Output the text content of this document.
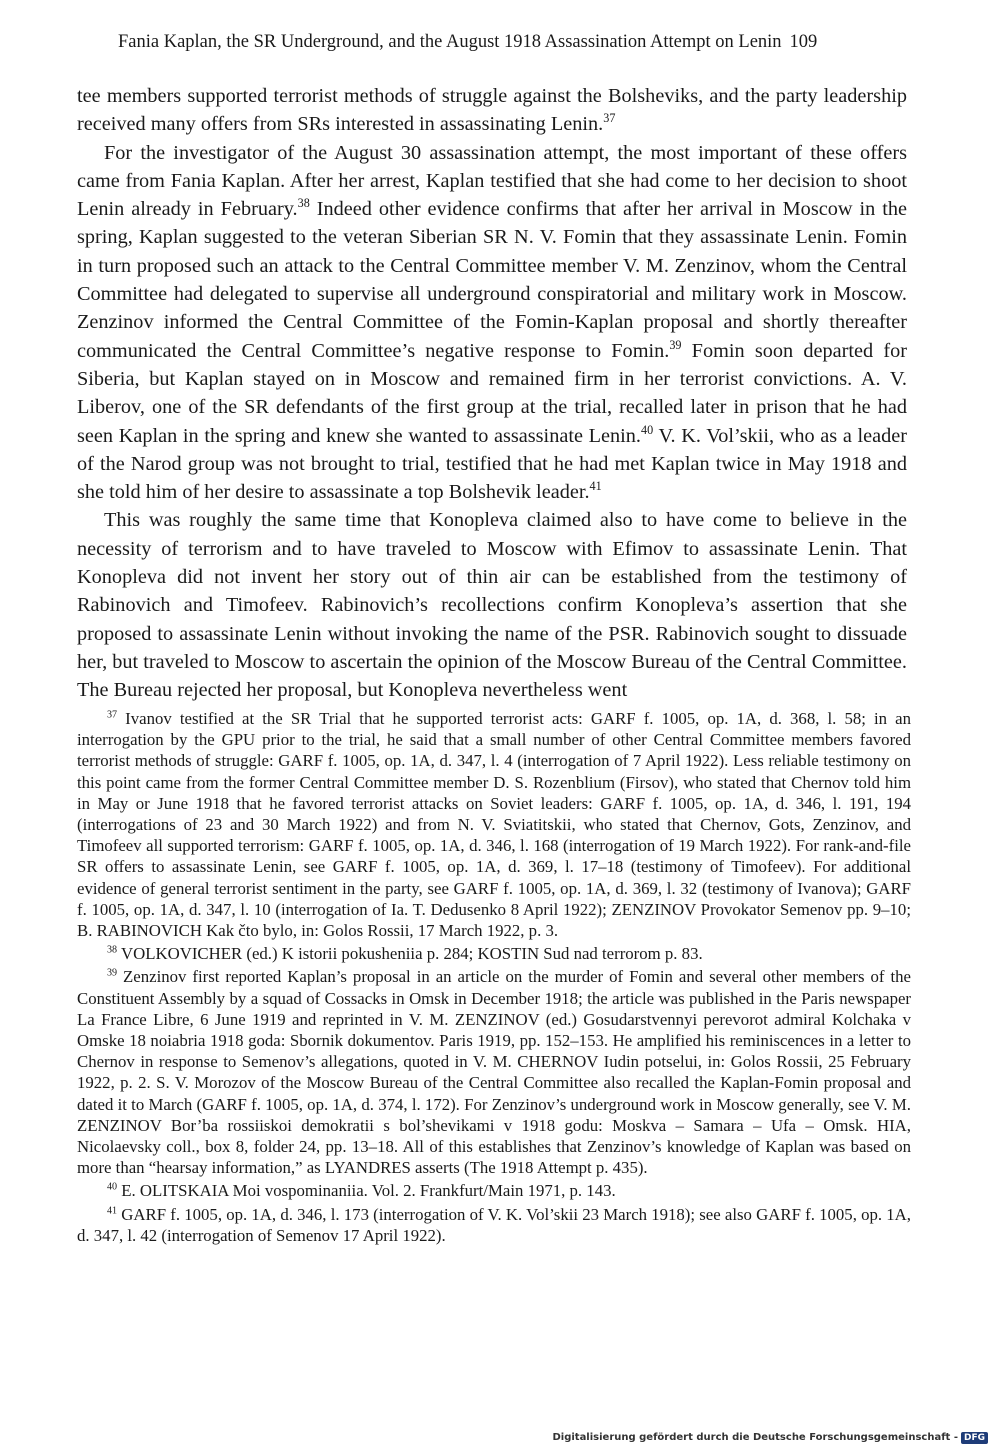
Fania Kaplan, the SR Underground, and the August 1918 Assassination Attempt on Lenin 109

tee members supported terrorist methods of struggle against the Bolsheviks, and the party leadership received many offers from SRs interested in assassinating Lenin.$^{37}$

For the investigator of the August 30 assassination attempt, the most important of these offers came from Fania Kaplan. After her arrest, Kaplan testified that she had come to her decision to shoot Lenin already in February.$^{38}$ Indeed other evidence confirms that after her arrival in Moscow in the spring, Kaplan suggested to the veteran Siberian SR N. V. Fomin that they assassinate Lenin. Fomin in turn proposed such an attack to the Central Committee member V. M. Zenzinov, whom the Central Committee had delegated to supervise all underground conspiratorial and military work in Moscow. Zenzinov informed the Central Committee of the Fomin-Kaplan proposal and shortly thereafter communicated the Central Committee’s negative response to Fomin.$^{39}$ Fomin soon departed for Siberia, but Kaplan stayed on in Moscow and remained firm in her terrorist convictions. A. V. Liberov, one of the SR defendants of the first group at the trial, recalled later in prison that he had seen Kaplan in the spring and knew she wanted to assassinate Lenin.$^{40}$ V. K. Vol’skii, who as a leader of the Narod group was not brought to trial, testified that he had met Kaplan twice in May 1918 and she told him of her desire to assassinate a top Bolshevik leader.$^{41}$

This was roughly the same time that Konopleva claimed also to have come to believe in the necessity of terrorism and to have traveled to Moscow with Efimov to assassinate Lenin. That Konopleva did not invent her story out of thin air can be established from the testimony of Rabinovich and Timofeev. Rabinovich’s recollections confirm Konopleva’s assertion that she proposed to assassinate Lenin without invoking the name of the PSR. Rabinovich sought to dissuade her, but traveled to Moscow to ascertain the opinion of the Moscow Bureau of the Central Committee. The Bureau rejected her proposal, but Konopleva nevertheless went

$^{37}$ Ivanov testified at the SR Trial that he supported terrorist acts: GARF f. 1005, op. 1A, d. 368, l. 58; in an interrogation by the GPU prior to the trial, he said that a small number of other Central Committee members favored terrorist methods of struggle: GARF f. 1005, op. 1A, d. 347, l. 4 (interrogation of 7 April 1922). Less reliable testimony on this point came from the former Central Committee member D. S. Rozenblium (Firsov), who stated that Chernov told him in May or June 1918 that he favored terrorist attacks on Soviet leaders: GARF f. 1005, op. 1A, d. 346, l. 191, 194 (interrogations of 23 and 30 March 1922) and from N. V. Sviatitskii, who stated that Chernov, Gots, Zenzinov, and Timofeev all supported terrorism: GARF f. 1005, op. 1A, d. 346, l. 168 (interrogation of 19 March 1922). For rank-and-file SR offers to assassinate Lenin, see GARF f. 1005, op. 1A, d. 369, l. 17–18 (testimony of Timofeev). For additional evidence of general terrorist sentiment in the party, see GARF f. 1005, op. 1A, d. 369, l. 32 (testimony of Ivanova); GARF f. 1005, op. 1A, d. 347, l. 10 (interrogation of Ia. T. Dedusenko 8 April 1922); ZENZINOV Provokator Semenov pp. 9–10; B. RABINOVICH Kak čto bylo, in: Golos Rossii, 17 March 1922, p. 3.

$^{38}$ VOLKOVICHER (ed.) K istorii pokusheniia p. 284; KOSTIN Sud nad terrorom p. 83.

$^{39}$ Zenzinov first reported Kaplan’s proposal in an article on the murder of Fomin and several other members of the Constituent Assembly by a squad of Cossacks in Omsk in December 1918; the article was published in the Paris newspaper La France Libre, 6 June 1919 and reprinted in V. M. ZENZINOV (ed.) Gosudarstvennyi perevorot admiral Kolchaka v Omske 18 noiabria 1918 goda: Sbornik dokumentov. Paris 1919, pp. 152–153. He amplified his reminiscences in a letter to Chernov in response to Semenov’s allegations, quoted in V. M. CHERNOV Iudin potselui, in: Golos Rossii, 25 February 1922, p. 2. S. V. Morozov of the Moscow Bureau of the Central Committee also recalled the Kaplan-Fomin proposal and dated it to March (GARF f. 1005, op. 1A, d. 374, l. 172). For Zenzinov’s underground work in Moscow generally, see V. M. ZENZINOV Bor’ba rossiiskoi demokratii s bol’shevikami v 1918 godu: Moskva – Samara – Ufa – Omsk. HIA, Nicolaevsky coll., box 8, folder 24, pp. 13–18. All of this establishes that Zenzinov’s knowledge of Kaplan was based on more than “hearsay information,” as LYANDRES asserts (The 1918 Attempt p. 435).

$^{40}$ E. OLITSKAIA Moi vospominaniia. Vol. 2. Frankfurt/Main 1971, p. 143.

$^{41}$ GARF f. 1005, op. 1A, d. 346, l. 173 (interrogation of V. K. Vol’skii 23 March 1918); see also GARF f. 1005, op. 1A, d. 347, l. 42 (interrogation of Semenov 17 April 1922).

Digitalisierung gefördert durch die Deutsche Forschungsgemeinschaft - DFG
